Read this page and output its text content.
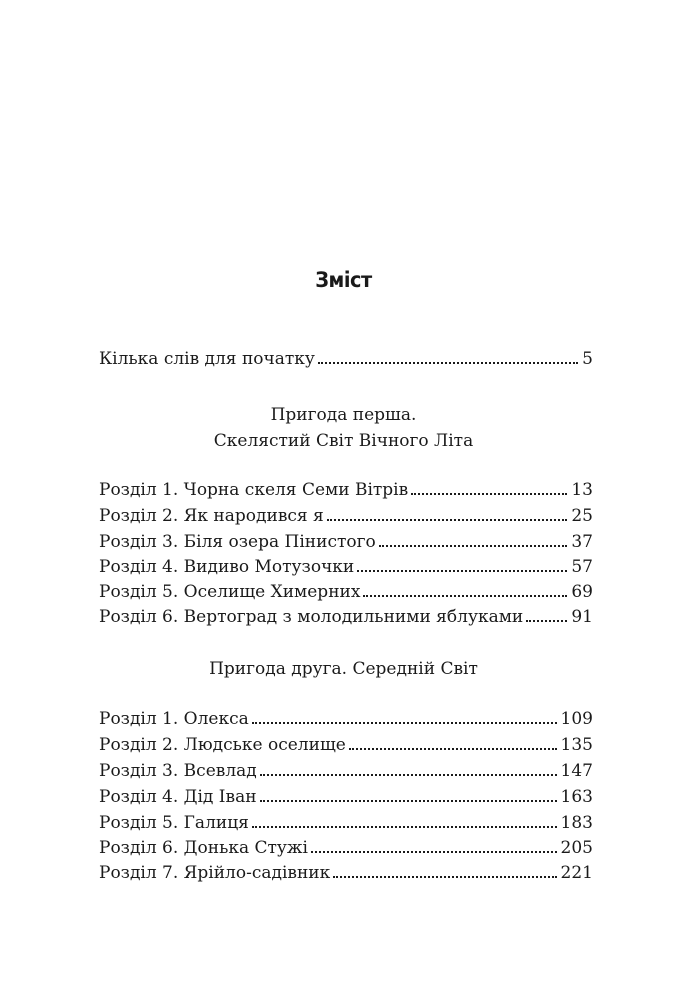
Зміст
Кілька слів для початку	5
Пригода перша.
Скелястий Світ Вічного Літа
Розділ 1. Чорна скеля Семи Вітрів	13
Розділ 2. Як народився я	25
Розділ 3. Біля озера Пінистого	37
Розділ 4. Видиво Мотузочки	57
Розділ 5. Оселище Химерних	69
Розділ 6. Вертоград з молодильними яблуками	91
Пригода друга. Середній Світ
Розділ 1. Олекса	109
Розділ 2. Людське оселище	135
Розділ 3. Всевлад	147
Розділ 4. Дід Іван	163
Розділ 5. Галиця	183
Розділ 6. Донька Стужі	205
Розділ 7. Ярійло-садівник	221
